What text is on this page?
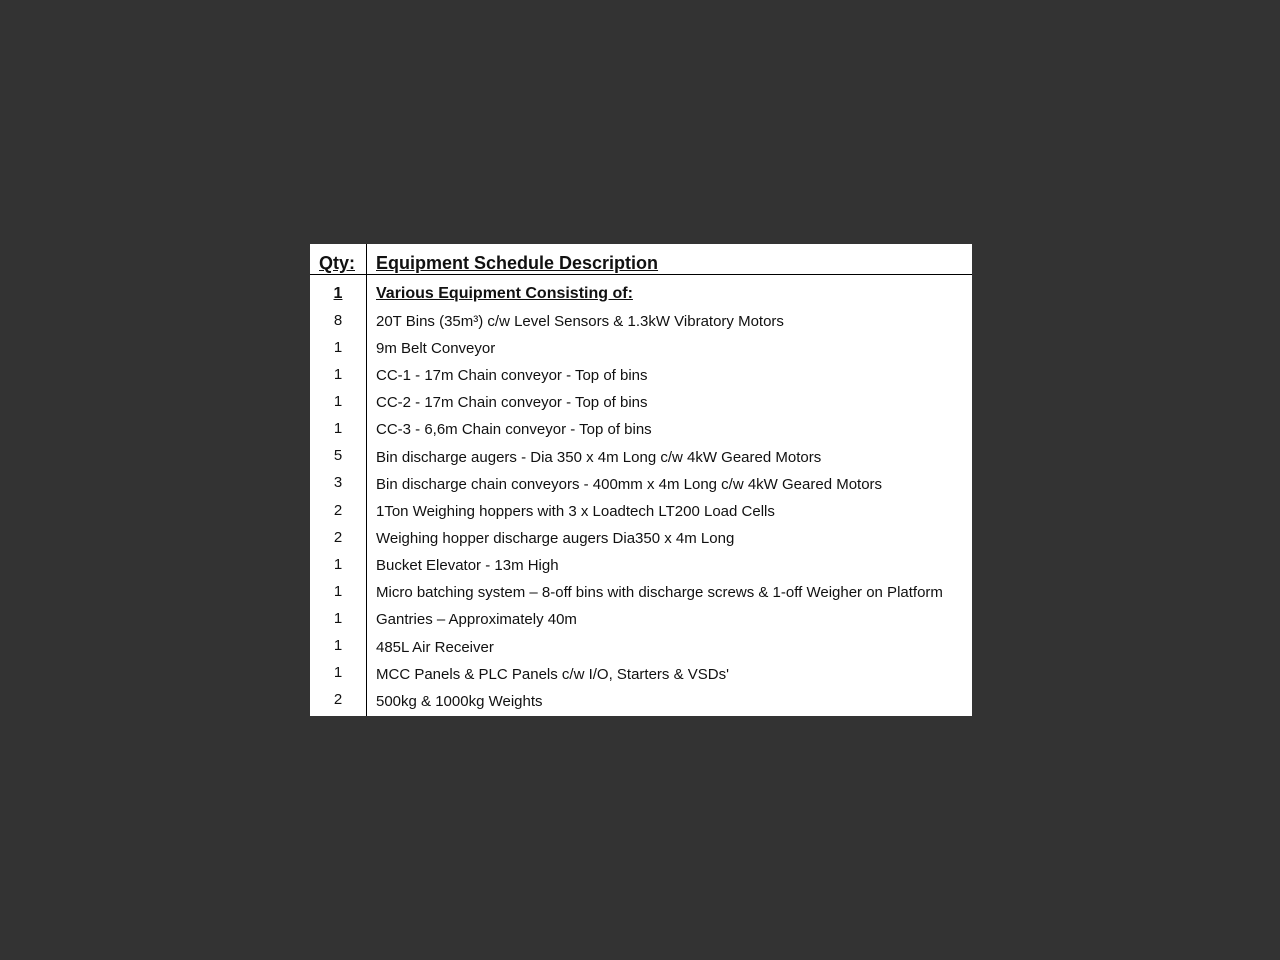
Qty:	Equipment Schedule Description
1	Various Equipment Consisting of:
8	20T Bins (35m³) c/w Level Sensors & 1.3kW Vibratory Motors
1	9m Belt Conveyor
1	CC-1 - 17m Chain conveyor - Top of bins
1	CC-2 - 17m Chain conveyor - Top of bins
1	CC-3 - 6,6m Chain conveyor - Top of bins
5	Bin discharge augers - Dia 350 x 4m Long c/w 4kW Geared Motors
3	Bin discharge chain conveyors - 400mm x 4m Long c/w 4kW Geared Motors
2	1Ton Weighing hoppers with 3 x Loadtech LT200 Load Cells
2	Weighing hopper discharge augers Dia350 x 4m Long
1	Bucket Elevator - 13m High
1	Micro batching system – 8-off bins with discharge screws & 1-off Weigher on Platform
1	Gantries – Approximately 40m
1	485L Air Receiver
1	MCC Panels & PLC Panels c/w I/O, Starters & VSDs'
2	500kg & 1000kg Weights
